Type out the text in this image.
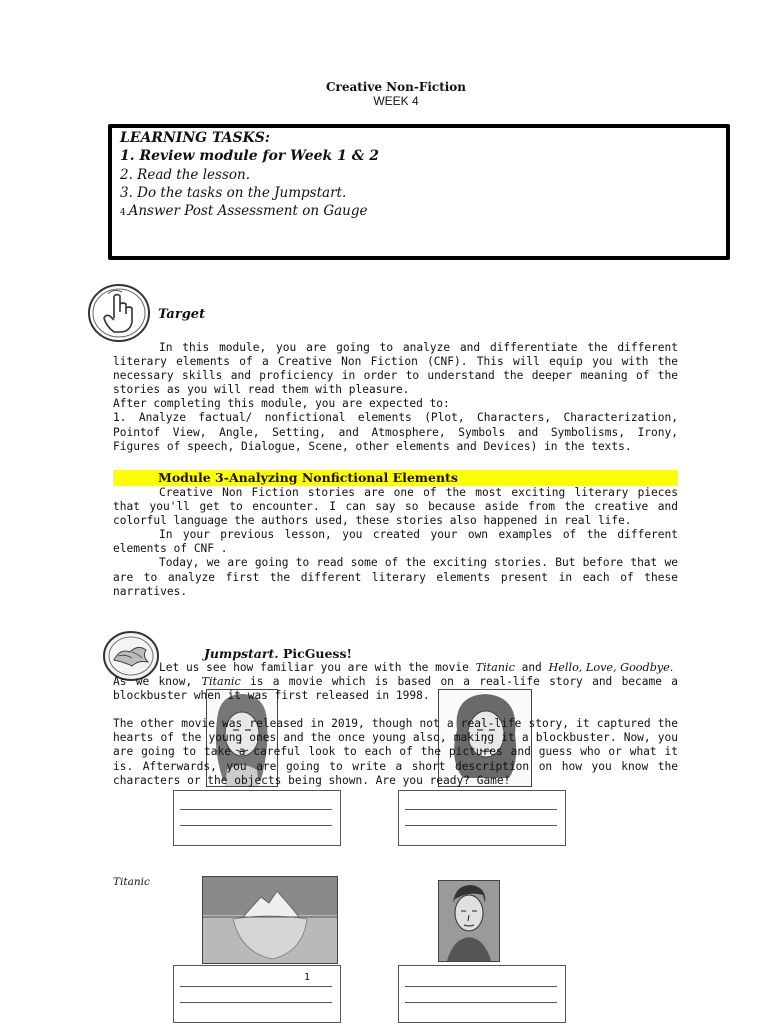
Creative Non-Fiction
WEEK 4
LEARNING TASKS:
1. Review module for Week 1 & 2
2. Read the lesson.
3. Do the tasks on the Jumpstart.
4.Answer Post Assessment on Gauge
Target

In this module, you are going to analyze and differentiate the different literary elements of a Creative Non Fiction (CNF). This will equip you with the necessary skills and proficiency in order to understand the deeper meaning of the stories as you will read them with pleasure.

After completing this module, you are expected to:

1. Analyze factual/ nonfictional elements (Plot, Characters, Characterization, Pointof View, Angle, Setting, and Atmosphere, Symbols and Symbolisms, Irony, Figures of speech, Dialogue, Scene, other elements and Devices) in the texts.

Module 3-Analyzing Nonfictional Elements

Creative Non Fiction stories are one of the most exciting literary pieces that you'll get to encounter. I can say so because aside from the creative and colorful language the authors used, these stories also happened in real life.

In your previous lesson, you created your own examples of the different elements of CNF .

Today, we are going to read some of the exciting stories. But before that we are to analyze first the different literary elements present in each of these narratives.

Jumpstart. PicGuess!

Let us see how familiar you are with the movie Titanic and Hello, Love, Goodbye.

As we know, Titanic is a movie which is based on a real-life story and became a blockbuster when it was first released in 1998.

The other movie was released in 2019, though not a real-life story, it captured the hearts of the young ones and the once young also, making it a blockbuster. Now, you are going to take a careful look to each of the pictures and guess who or what it is. Afterwards, you are going to write a short description on how you know the characters or the objects being shown. Are you ready? Game!

Titanic
1
